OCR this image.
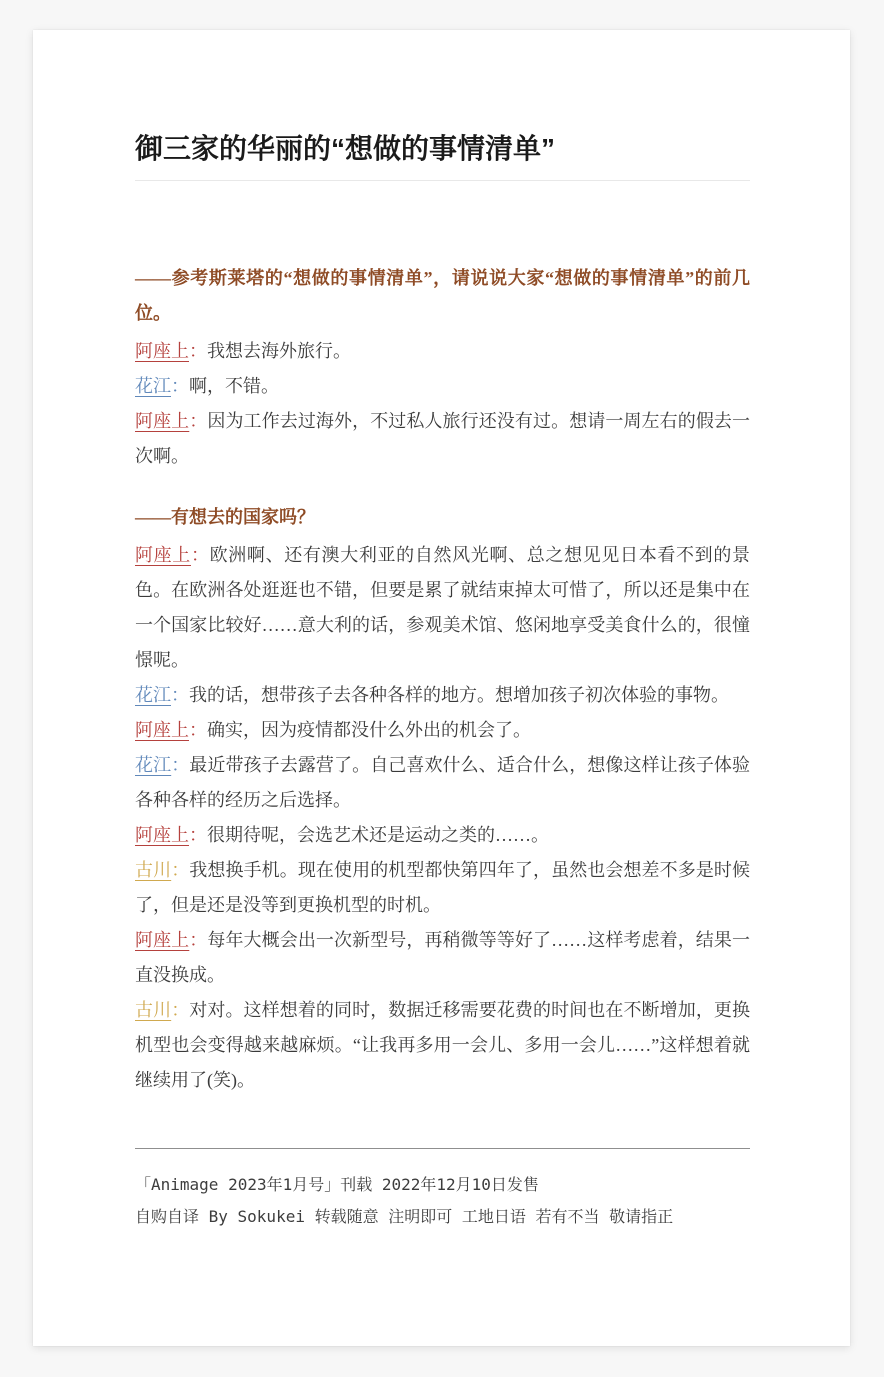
御三家的华丽的“想做的事情清单”

——参考斯莱塔的“想做的事情清单”，请说说大家“想做的事情清单”的前几位。

阿座上：我想去海外旅行。

花江：啊，不错。

阿座上：因为工作去过海外，不过私人旅行还没有过。想请一周左右的假去一次啊。

——有想去的国家吗？

阿座上：欧洲啊、还有澳大利亚的自然风光啊、总之想见见日本看不到的景色。在欧洲各处逛逛也不错，但要是累了就结束掉太可惜了，所以还是集中在一个国家比较好……意大利的话，参观美术馆、悠闲地享受美食什么的，很憧憬呢。

花江：我的话，想带孩子去各种各样的地方。想增加孩子初次体验的事物。

阿座上：确实，因为疫情都没什么外出的机会了。

花江：最近带孩子去露营了。自己喜欢什么、适合什么，想像这样让孩子体验各种各样的经历之后选择。

阿座上：很期待呢，会选艺术还是运动之类的……。

古川：我想换手机。现在使用的机型都快第四年了，虽然也会想差不多是时候了，但是还是没等到更换机型的时机。

阿座上：每年大概会出一次新型号，再稍微等等好了……这样考虑着，结果一直没换成。

古川：对对。这样想着的同时，数据迁移需要花费的时间也在不断增加，更换机型也会变得越来越麻烦。“让我再多用一会儿、多用一会儿……”这样想着就继续用了(笑)。

「Animage 2023年1月号」刊载 2022年12月10日发售

自购自译 By Sokukei 转载随意 注明即可 工地日语 若有不当 敬请指正
